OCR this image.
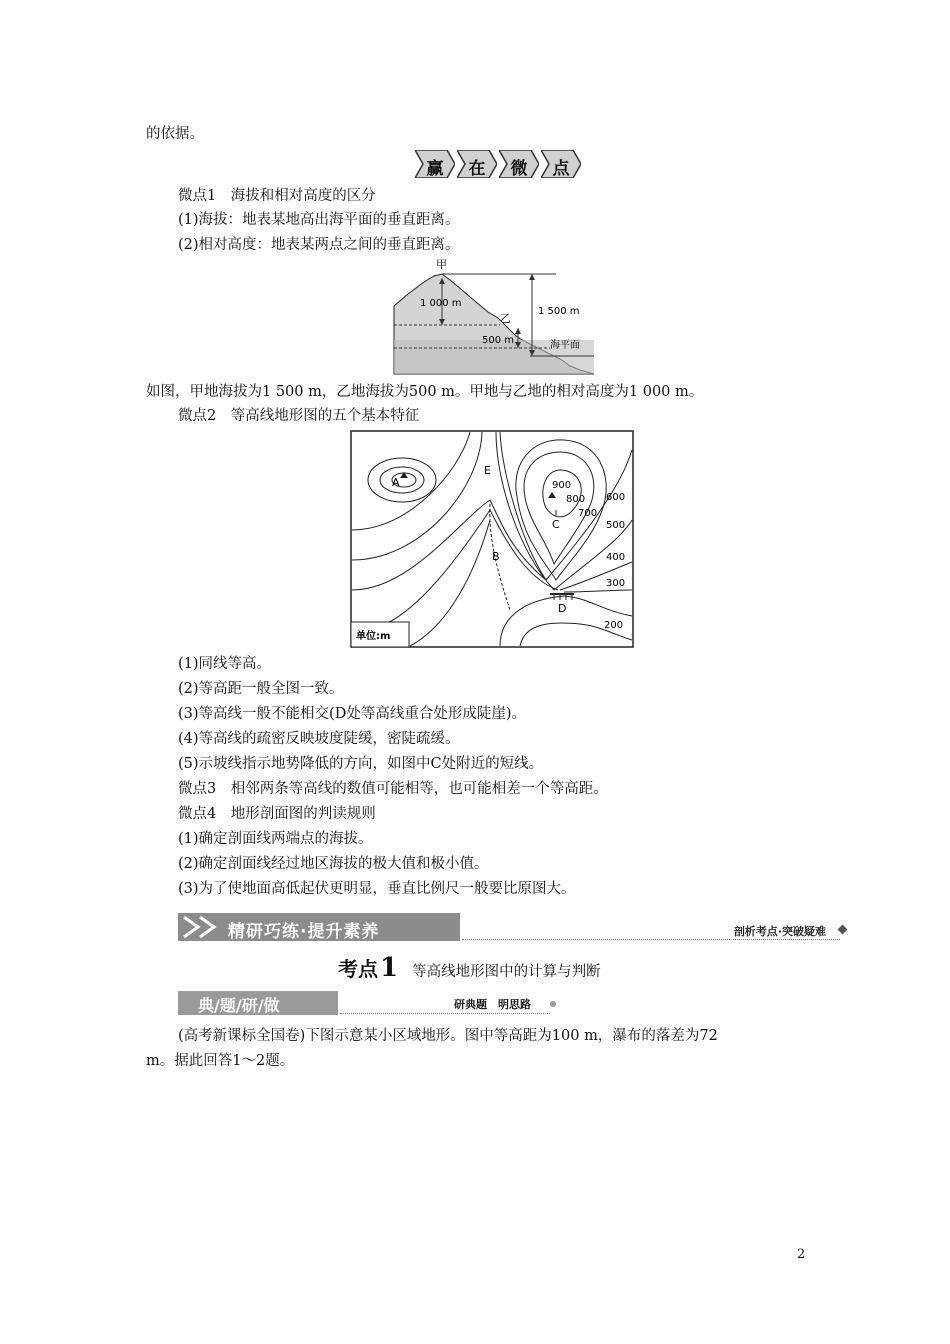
的依据。
赢	在	微	点
微点1　海拔和相对高度的区分
(1)海拔：地表某地高出海平面的垂直距离。
(2)相对高度：地表某两点之间的垂直距离。
甲
乙
1 000 m
1 500 m
500 m	海平面
如图，甲地海拔为1 500 m，乙地海拔为500 m。甲地与乙地的相对高度为1 000 m。
微点2　等高线地形图的五个基本特征
A
E
B
C
D
900
800
700
600
500
400
300
200
单位:m
(1)同线等高。
(2)等高距一般全图一致。
(3)等高线一般不能相交(D处等高线重合处形成陡崖)。
(4)等高线的疏密反映坡度陡缓，密陡疏缓。
(5)示坡线指示地势降低的方向，如图中C处附近的短线。
微点3　相邻两条等高线的数值可能相等，也可能相差一个等高距。
微点4　地形剖面图的判读规则
(1)确定剖面线两端点的海拔。
(2)确定剖面线经过地区海拔的极大值和极小值。
(3)为了使地面高低起伏更明显，垂直比例尺一般要比原图大。
精研巧练·提升素养	剖析考点·突破疑难
考点 1 等高线地形图中的计算与判断
典/题/研/做	研典题　明思路
(高考新课标全国卷)下图示意某小区域地形。图中等高距为100 m，瀑布的落差为72
m。据此回答1～2题。
2
